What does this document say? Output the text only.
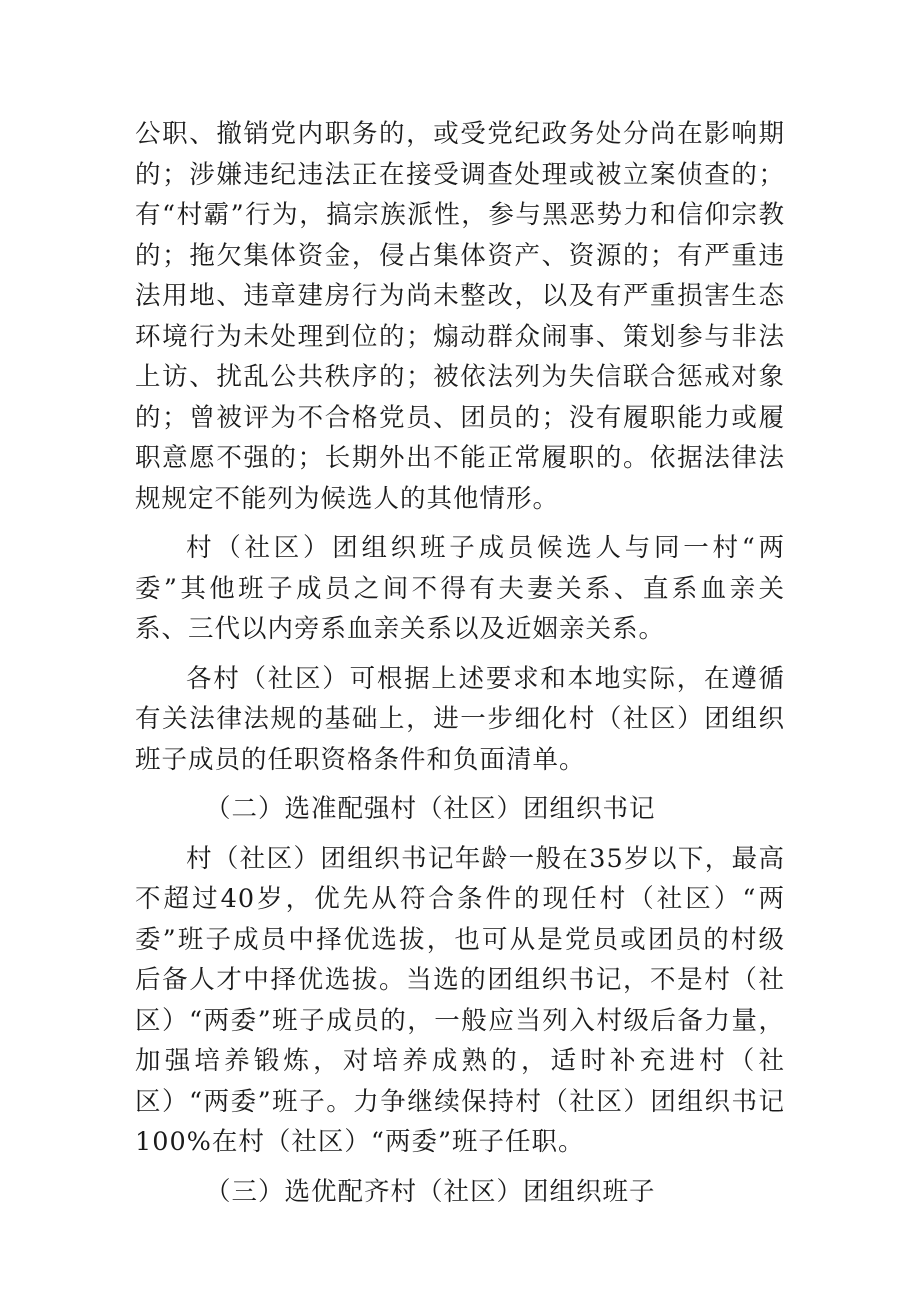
公职、撤销党内职务的，或受党纪政务处分尚在影响期的；涉嫌违纪违法正在接受调查处理或被立案侦查的；有“村霸”行为，搞宗族派性，参与黑恶势力和信仰宗教的；拖欠集体资金，侵占集体资产、资源的；有严重违法用地、违章建房行为尚未整改，以及有严重损害生态环境行为未处理到位的；煽动群众闹事、策划参与非法上访、扰乱公共秩序的；被依法列为失信联合惩戒对象的；曾被评为不合格党员、团员的；没有履职能力或履职意愿不强的；长期外出不能正常履职的。依据法律法规规定不能列为候选人的其他情形。

村（社区）团组织班子成员候选人与同一村“两委”其他班子成员之间不得有夫妻关系、直系血亲关系、三代以内旁系血亲关系以及近姻亲关系。

各村（社区）可根据上述要求和本地实际，在遵循有关法律法规的基础上，进一步细化村（社区）团组织班子成员的任职资格条件和负面清单。

（二）选准配强村（社区）团组织书记

村（社区）团组织书记年龄一般在35岁以下，最高不超过40岁，优先从符合条件的现任村（社区）“两委”班子成员中择优选拔，也可从是党员或团员的村级后备人才中择优选拔。当选的团组织书记，不是村（社区）“两委”班子成员的，一般应当列入村级后备力量，加强培养锻炼，对培养成熟的，适时补充进村（社区）“两委”班子。力争继续保持村（社区）团组织书记100%在村（社区）“两委”班子任职。

（三）选优配齐村（社区）团组织班子
